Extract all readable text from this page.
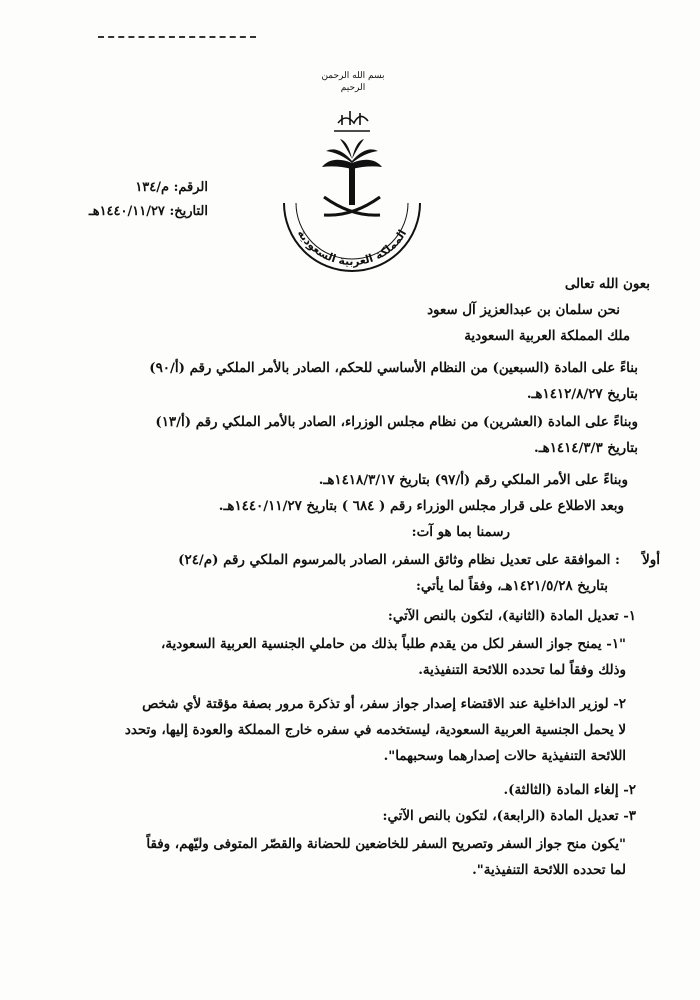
بسم الله الرحمن الرحيم
المملكة العربية السعودية
الرقم: م/١٣٤
التاريخ: ١٤٤٠/١١/٢٧هـ
بعون الله تعالى
نحن سلمان بن عبدالعزيز آل سعود
ملك المملكة العربية السعودية
بناءً على المادة (السبعين) من النظام الأساسي للحكم، الصادر بالأمر الملكي رقم (أ/٩٠)
بتاريخ ١٤١٢/٨/٢٧هـ.
وبناءً على المادة (العشرين) من نظام مجلس الوزراء، الصادر بالأمر الملكي رقم (أ/١٣)
بتاريخ ١٤١٤/٣/٣هـ.
وبناءً على الأمر الملكي رقم (أ/٩٧) بتاريخ ١٤١٨/٣/١٧هـ.
وبعد الاطلاع على قرار مجلس الوزراء رقم ( ٦٨٤ ) بتاريخ ١٤٤٠/١١/٢٧هـ.
رسمنا بما هو آت:
أولاً
: الموافقة على تعديل نظام وثائق السفر، الصادر بالمرسوم الملكي رقم (م/٢٤)
بتاريخ ١٤٢١/٥/٢٨هـ، وفقاً لما يأتي:
١- تعديل المادة (الثانية)، لتكون بالنص الآتي:
"١- يمنح جواز السفر لكل من يقدم طلباً بذلك من حاملي الجنسية العربية السعودية،
وذلك وفقاً لما تحدده اللائحة التنفيذية.
٢- لوزير الداخلية عند الاقتضاء إصدار جواز سفر، أو تذكرة مرور بصفة مؤقتة لأي شخص
لا يحمل الجنسية العربية السعودية، ليستخدمه في سفره خارج المملكة والعودة إليها، وتحدد
اللائحة التنفيذية حالات إصدارهما وسحبهما".
٢- إلغاء المادة (الثالثة).
٣- تعديل المادة (الرابعة)، لتكون بالنص الآتي:
"يكون منح جواز السفر وتصريح السفر للخاضعين للحضانة والقصّر المتوفى وليّهم، وفقاً
لما تحدده اللائحة التنفيذية".
